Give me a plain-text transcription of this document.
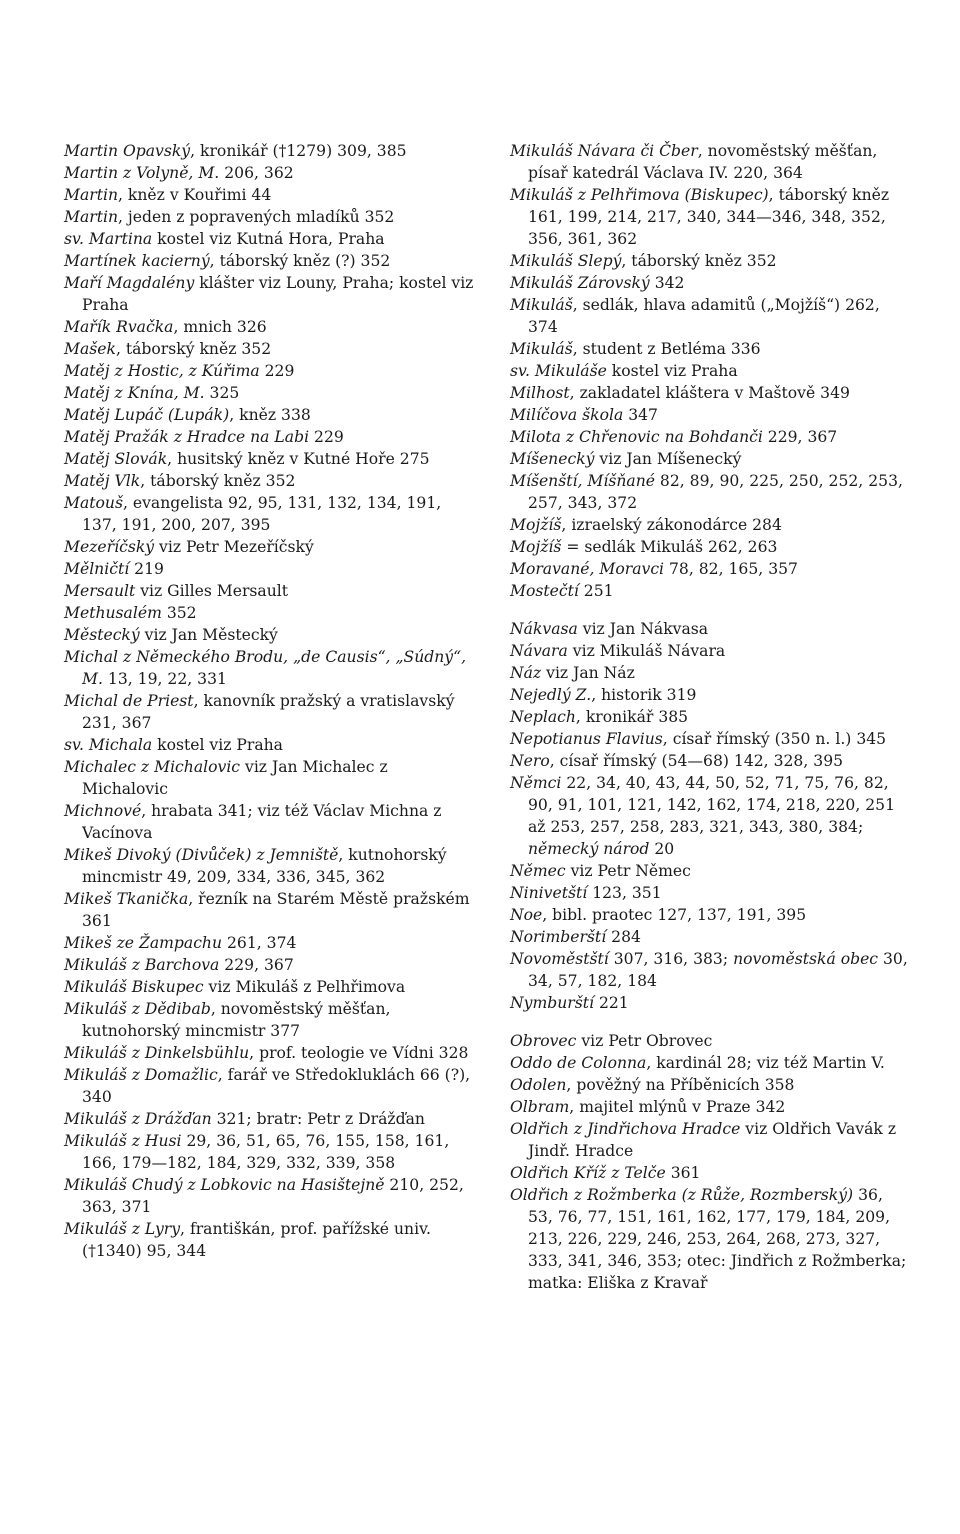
Martin Opavský, kronikář (†1279) 309, 385

Martin z Volyně, M. 206, 362

Martin, kněz v Kouřimi 44

Martin, jeden z popravených mladíků 352

sv. Martina kostel viz Kutná Hora, Praha

Martínek kacierný, táborský kněz (?) 352

Maří Magdalény klášter viz Louny, Praha; kostel viz Praha

Mařík Rvačka, mnich 326

Mašek, táborský kněz 352

Matěj z Hostic, z Kúřima 229

Matěj z Knína, M. 325

Matěj Lupáč (Lupák), kněz 338

Matěj Pražák z Hradce na Labi 229

Matěj Slovák, husitský kněz v Kutné Hoře 275

Matěj Vlk, táborský kněz 352

Matouš, evangelista 92, 95, 131, 132, 134, 191, 137, 191, 200, 207, 395

Mezeříčský viz Petr Mezeříčský

Mělničtí 219

Mersault viz Gilles Mersault

Methusalém 352

Městecký viz Jan Městecký

Michal z Německého Brodu, „de Causis“, „Súdný“, M. 13, 19, 22, 331

Michal de Priest, kanovník pražský a vratislavský 231, 367

sv. Michala kostel viz Praha

Michalec z Michalovic viz Jan Michalec z Michalovic

Michnové, hrabata 341; viz též Václav Michna z Vacínova

Mikeš Divoký (Divůček) z Jemniště, kutnohorský mincmistr 49, 209, 334, 336, 345, 362

Mikeš Tkanička, řezník na Starém Městě pražském 361

Mikeš ze Žampachu 261, 374

Mikuláš z Barchova 229, 367

Mikuláš Biskupec viz Mikuláš z Pelhřimova

Mikuláš z Dědibab, novoměstský měšťan, kutnohorský mincmistr 377

Mikuláš z Dinkelsbühlu, prof. teologie ve Vídni 328

Mikuláš z Domažlic, farář ve Středokluklách 66 (?), 340

Mikuláš z Drážďan 321; bratr: Petr z Drážďan

Mikuláš z Husi 29, 36, 51, 65, 76, 155, 158, 161, 166, 179—182, 184, 329, 332, 339, 358

Mikuláš Chudý z Lobkovic na Hasištejně 210, 252, 363, 371

Mikuláš z Lyry, františkán, prof. pařížské univ. (†1340) 95, 344

Mikuláš Návara či Čber, novoměstský měšťan, písař katedrál Václava IV. 220, 364

Mikuláš z Pelhřimova (Biskupec), táborský kněz 161, 199, 214, 217, 340, 344—346, 348, 352, 356, 361, 362

Mikuláš Slepý, táborský kněz 352

Mikuláš Zárovský 342

Mikuláš, sedlák, hlava adamitů („Mojžíš“) 262, 374

Mikuláš, student z Betléma 336

sv. Mikuláše kostel viz Praha

Milhost, zakladatel kláštera v Maštově 349

Milíčova škola 347

Milota z Chřenovic na Bohdanči 229, 367

Míšenecký viz Jan Míšenecký

Míšenští, Míšňané 82, 89, 90, 225, 250, 252, 253, 257, 343, 372

Mojžíš, izraelský zákonodárce 284

Mojžíš = sedlák Mikuláš 262, 263

Moravané, Moravci 78, 82, 165, 357

Mostečtí 251

Nákvasa viz Jan Nákvasa

Návara viz Mikuláš Návara

Náz viz Jan Náz

Nejedlý Z., historik 319

Neplach, kronikář 385

Nepotianus Flavius, císař římský (350 n. l.) 345

Nero, císař římský (54—68) 142, 328, 395

Němci 22, 34, 40, 43, 44, 50, 52, 71, 75, 76, 82, 90, 91, 101, 121, 142, 162, 174, 218, 220, 251 až 253, 257, 258, 283, 321, 343, 380, 384; německý národ 20

Němec viz Petr Němec

Ninivetští 123, 351

Noe, bibl. praotec 127, 137, 191, 395

Norimberští 284

Novoměstští 307, 316, 383; novoměstská obec 30, 34, 57, 182, 184

Nymburští 221

Obrovec viz Petr Obrovec

Oddo de Colonna, kardinál 28; viz též Martin V.

Odolen, pověžný na Příběnicích 358

Olbram, majitel mlýnů v Praze 342

Oldřich z Jindřichova Hradce viz Oldřich Vavák z Jindř. Hradce

Oldřich Kříž z Telče 361

Oldřich z Rožmberka (z Růže, Rozmberský) 36, 53, 76, 77, 151, 161, 162, 177, 179, 184, 209, 213, 226, 229, 246, 253, 264, 268, 273, 327, 333, 341, 346, 353; otec: Jindřich z Rožmberka; matka: Eliška z Kravař
